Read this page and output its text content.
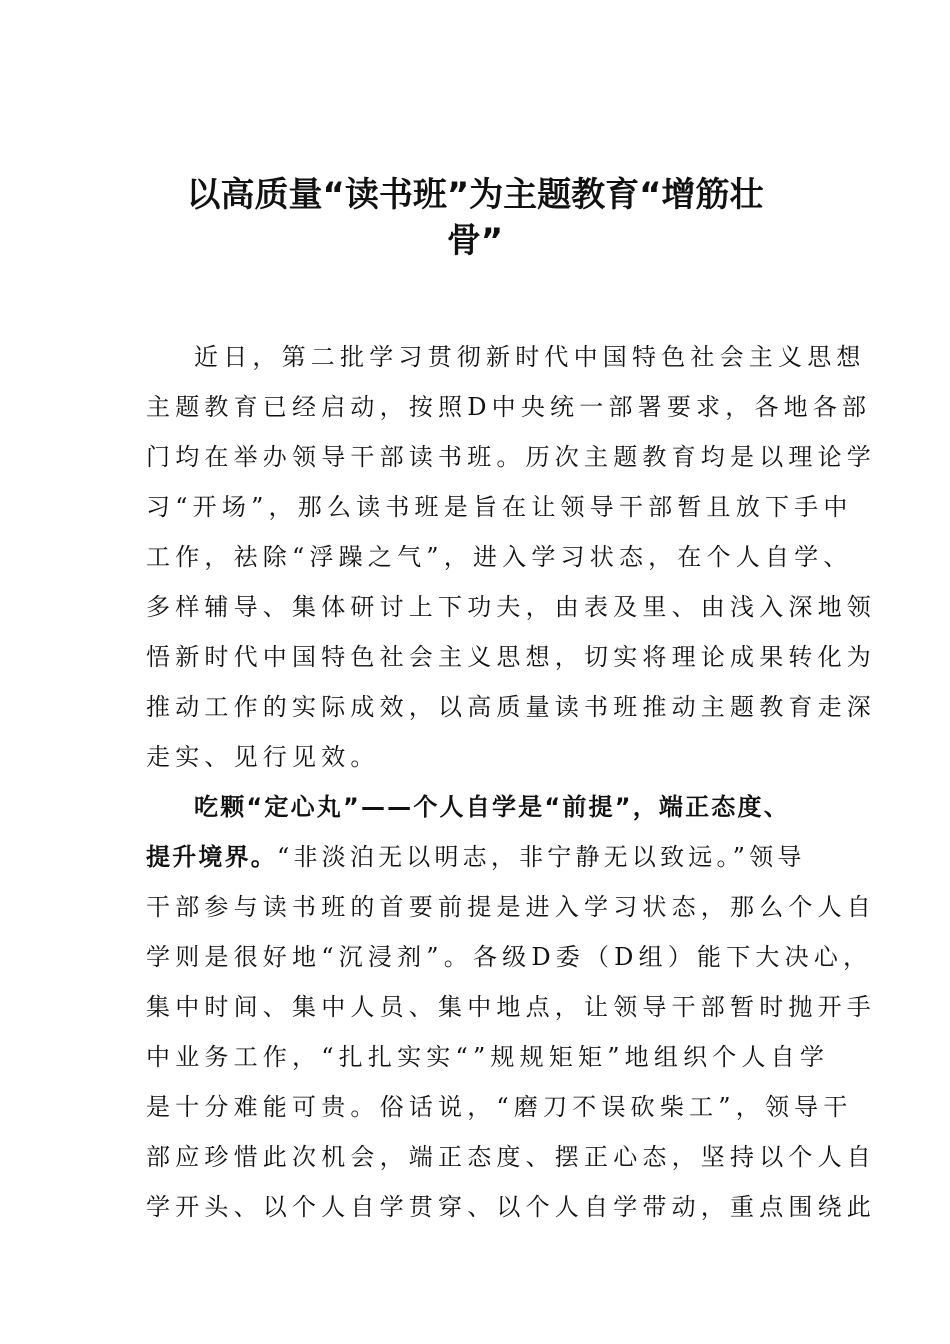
以高质量“读书班”为主题教育“增筋壮
骨”
近日，第二批学习贯彻新时代中国特色社会主义思想
主题教育已经启动，按照D中央统一部署要求，各地各部
门均在举办领导干部读书班。历次主题教育均是以理论学
习“开场”，那么读书班是旨在让领导干部暂且放下手中
工作，祛除“浮躁之气”，进入学习状态，在个人自学、
多样辅导、集体研讨上下功夫，由表及里、由浅入深地领
悟新时代中国特色社会主义思想，切实将理论成果转化为
推动工作的实际成效，以高质量读书班推动主题教育走深
走实、见行见效。
吃颗“定心丸”——个人自学是“前提”，端正态度、
提升境界。“非淡泊无以明志，非宁静无以致远。”领导
干部参与读书班的首要前提是进入学习状态，那么个人自
学则是很好地“沉浸剂”。各级D委（D组）能下大决心，
集中时间、集中人员、集中地点，让领导干部暂时抛开手
中业务工作，“扎扎实实“”规规矩矩”地组织个人自学
是十分难能可贵。俗话说，“磨刀不误砍柴工”，领导干
部应珍惜此次机会，端正态度、摆正心态，坚持以个人自
学开头、以个人自学贯穿、以个人自学带动，重点围绕此
